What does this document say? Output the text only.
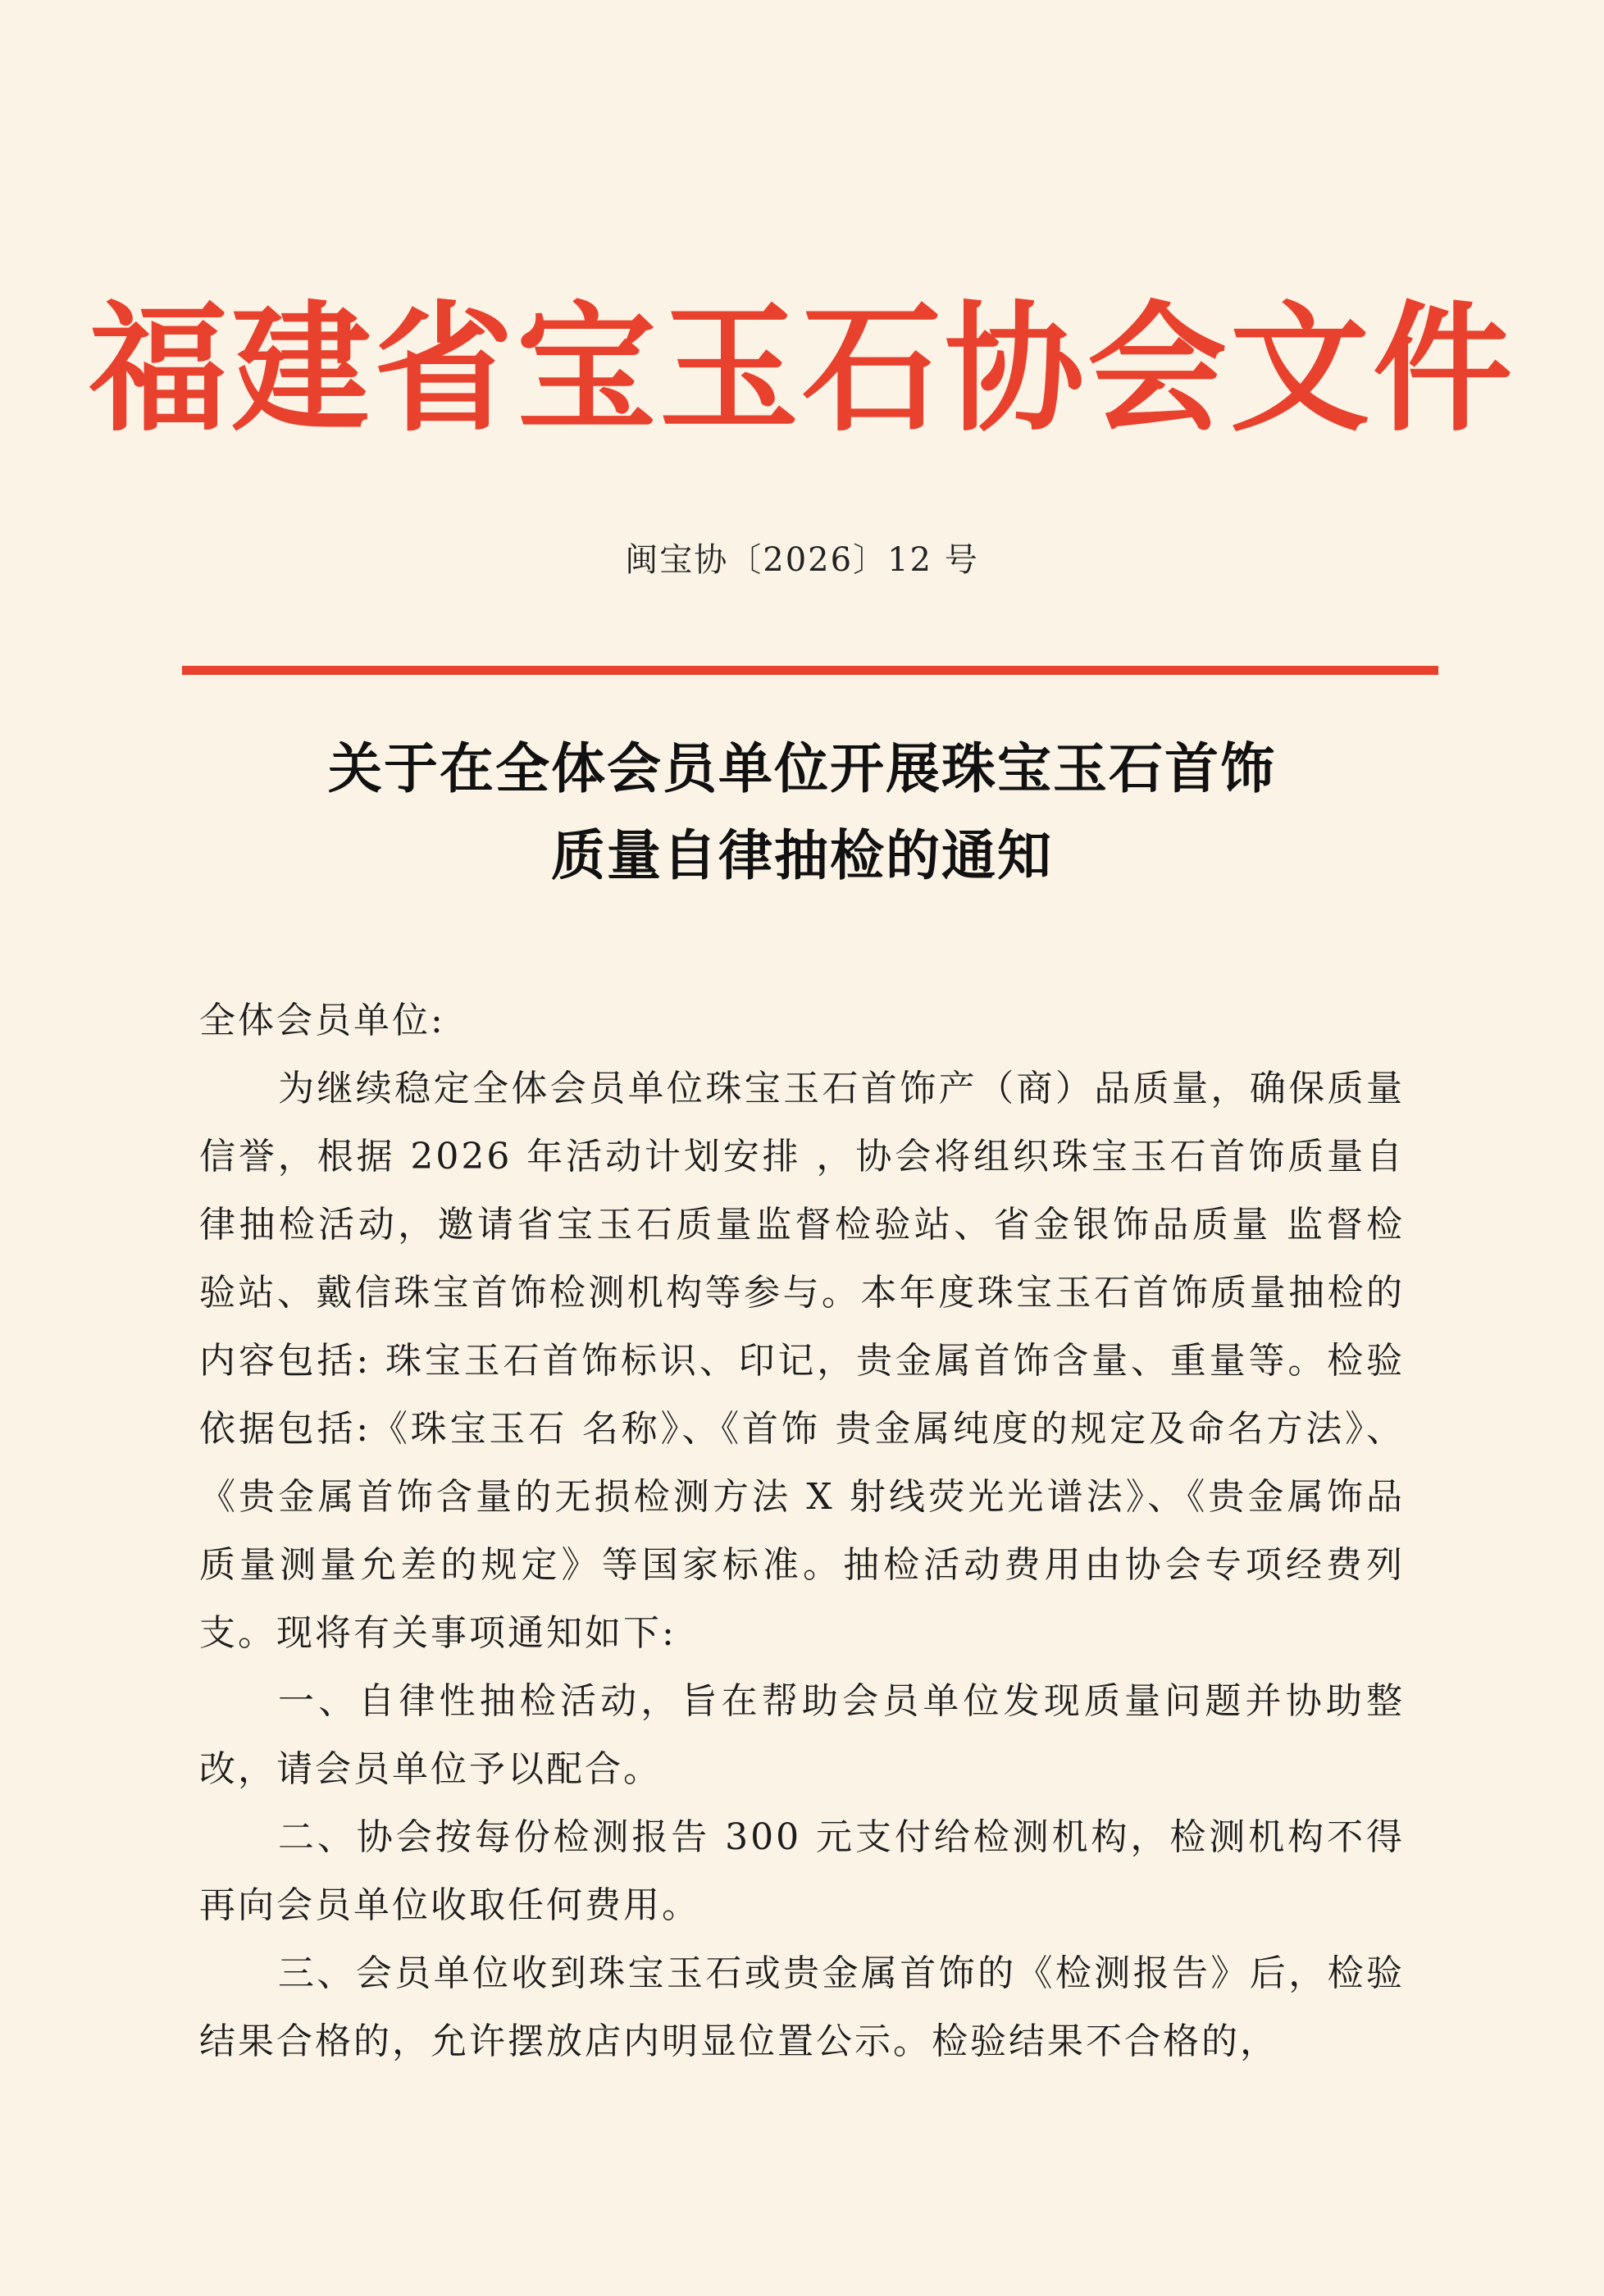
福建省宝玉石协会文件
闽宝协〔2026〕12 号
关于在全体会员单位开展珠宝玉石首饰
质量自律抽检的通知

全体会员单位:

为继续稳定全体会员单位珠宝玉石首饰产（商）品质量，确保质量信誉，根据 2026 年活动计划安排 ，协会将组织珠宝玉石首饰质量自律抽检活动，邀请省宝玉石质量监督检验站、省金银饰品质量 监督检验站、戴信珠宝首饰检测机构等参与。本年度珠宝玉石首饰质量抽检的内容包括: 珠宝玉石首饰标识、印记，贵金属首饰含量、重量等。检验依据包括:《珠宝玉石 名称》、《首饰 贵金属纯度的规定及命名方法》、《贵金属首饰含量的无损检测方法 X 射线荧光光谱法》、《贵金属饰品质量测量允差的规定》等国家标准。抽检活动费用由协会专项经费列支。现将有关事项通知如下:

一、自律性抽检活动，旨在帮助会员单位发现质量问题并协助整改，请会员单位予以配合。

二、协会按每份检测报告 300 元支付给检测机构，检测机构不得再向会员单位收取任何费用。

三、会员单位收到珠宝玉石或贵金属首饰的《检测报告》后，检验结果合格的，允许摆放店内明显位置公示。检验结果不合格的，
